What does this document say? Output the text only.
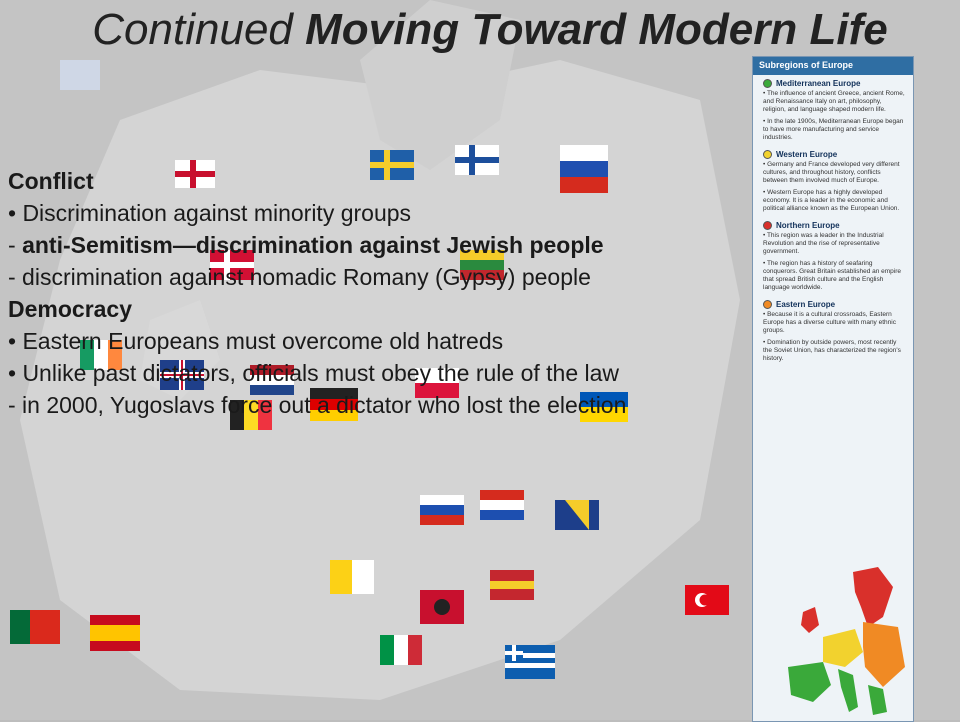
Continued Moving Toward Modern Life
Conflict
• Discrimination against minority groups
- anti-Semitism—discrimination against Jewish people
- discrimination against nomadic Romany (Gypsy) people
Democracy
• Eastern Europeans must overcome old hatreds
• Unlike past dictators, officials must obey the rule of the law
- in 2000, Yugoslavs force out a dictator who lost the election
Subregions of Europe
Mediterranean Europe

• The influence of ancient Greece, ancient Rome, and Renaissance Italy on art, philosophy, religion, and language shaped modern life.

• In the late 1900s, Mediterranean Europe began to have more manufacturing and service industries.

Western Europe

• Germany and France developed very different cultures, and throughout history, conflicts between them involved much of Europe.

• Western Europe has a highly developed economy. It is a leader in the economic and political alliance known as the European Union.

Northern Europe

• This region was a leader in the Industrial Revolution and the rise of representative government.

• The region has a history of seafaring conquerors. Great Britain established an empire that spread British culture and the English language worldwide.

Eastern Europe

• Because it is a cultural crossroads, Eastern Europe has a diverse culture with many ethnic groups.

• Domination by outside powers, most recently the Soviet Union, has characterized the region's history.
